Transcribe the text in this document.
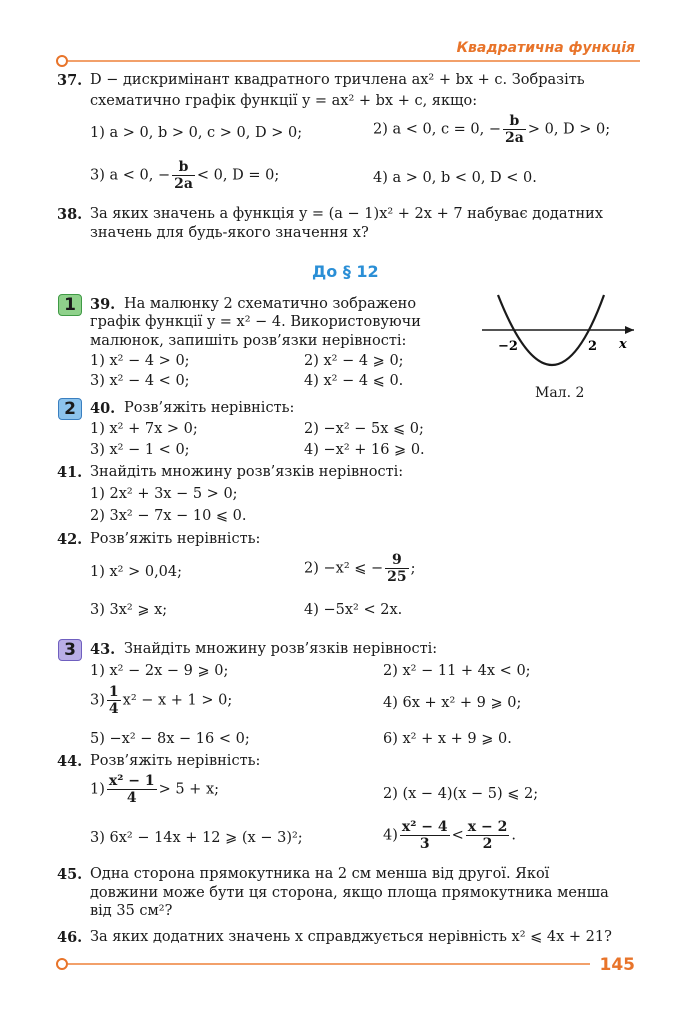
Квадратична функція
37. D − дискримінант квадратного тричлена ax² + bx + c. Зобразіть
схематично графік функції y = ax² + bx + c, якщо:
1) a > 0, b > 0, c > 0, D > 0;	2) a < 0, c = 0, − $\frac{b}{2a} > 0$, D > 0;
3) a < 0, − $\frac{b}{2a} < 0$, D = 0;	4) a > 0, b < 0, D < 0.
38. За яких значень a функція y = (a − 1)x² + 2x + 7 набуває додатних
значень для будь-якого значення x?
До § 12
1 39. На малюнку 2 схематично зображено
графік функції y = x² − 4. Використовуючи
малюнок, запишіть розв’язки нерівності:
1) x² − 4 > 0;	2) x² − 4 ⩾ 0;
3) x² − 4 < 0;	4) x² − 4 ⩽ 0.
−2	2 x
Мал. 2
2 40. Розв’яжіть нерівність:
1) x² + 7x > 0;	2) −x² − 5x ⩽ 0;
3) x² − 1 < 0;	4) −x² + 16 ⩾ 0.
41. Знайдіть множину розв’язків нерівності:
1) 2x² + 3x − 5 > 0;
2) 3x² − 7x − 10 ⩽ 0.
42. Розв’яжіть нерівність:
1) x² > 0,04;	2) −x² ⩽ − $\frac{9}{25}$ ;
3) 3x² ⩾ x;	4) −5x² < 2x.
3 43. Знайдіть множину розв’язків нерівності:
1) x² − 2x − 9 ⩾ 0;	2) x² − 11 + 4x < 0;
$3) \frac{1}{4} x^2 - x + 1 > 0$;	4) 6x + x² + 9 ⩾ 0;
5) −x² − 8x − 16 < 0;	6) x² + x + 9 ⩾ 0.
44. Розв’яжіть нерівність:
$1) \frac{\text{x² − 1}}{4} > 5 + x$;	2) (x − 4)(x − 5) ⩽ 2;
3) 6x² − 14x + 12 ⩾ (x − 3)²;	$4) \frac{\text{x² − 4}}{3} < \frac{x - 2}{2}$ .
45. Одна сторона прямокутника на 2 см менша від другої. Якої
довжини може бути ця сторона, якщо площа прямокутника менша
від 35 см²?
46. За яких додатних значень x справджується нерівність x² ⩽ 4x + 21?
145
